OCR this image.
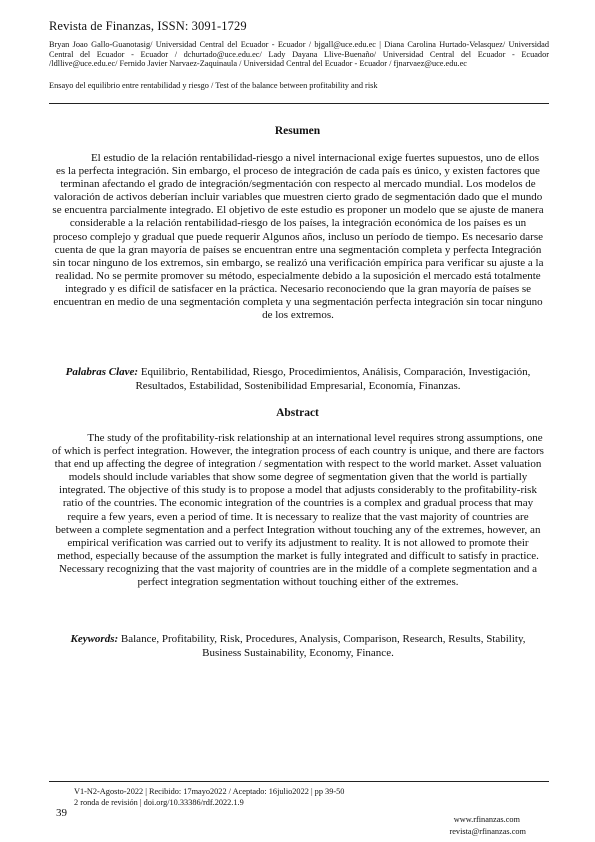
Revista de Finanzas, ISSN: 3091-1729
Bryan Joao Gallo-Guanotasig/ Universidad Central del Ecuador - Ecuador / bjgall@uce.edu.ec | Diana Carolina Hurtado-Velasquez/ Universidad Central del Ecuador - Ecuador / dchurtado@uce.edu.ec/ Lady Dayana Llive-Buenaño/ Universidad Central del Ecuador - Ecuador /ldllive@uce.edu.ec/ Fernido Javier Narvaez-Zaquinaula / Universidad Central del Ecuador - Ecuador / fjnarvaez@uce.edu.ec
Ensayo del equilibrio entre rentabilidad y riesgo / Test of the balance between profitability and risk
Resumen
El estudio de la relación rentabilidad-riesgo a nivel internacional exige fuertes supuestos, uno de ellos es la perfecta integración. Sin embargo, el proceso de integración de cada país es único, y existen factores que terminan afectando el grado de integración/segmentación con respecto al mercado mundial. Los modelos de valoración de activos deberían incluir variables que muestren cierto grado de segmentación dado que el mundo se encuentra parcialmente integrado. El objetivo de este estudio es proponer un modelo que se ajuste de manera considerable a la relación rentabilidad-riesgo de los países, la integración económica de los países es un proceso complejo y gradual que puede requerir Algunos años, incluso un período de tiempo. Es necesario darse cuenta de que la gran mayoría de países se encuentran entre una segmentación completa y perfecta Integración sin tocar ninguno de los extremos, sin embargo, se realizó una verificación empírica para verificar su ajuste a la realidad. No se permite promover su método, especialmente debido a la suposición el mercado está totalmente integrado y es difícil de satisfacer en la práctica. Necesario reconociendo que la gran mayoría de países se encuentran en medio de una segmentación completa y una segmentación perfecta integración sin tocar ninguno de los extremos.
Palabras Clave: Equilibrio, Rentabilidad, Riesgo, Procedimientos, Análisis, Comparación, Investigación, Resultados, Estabilidad, Sostenibilidad Empresarial, Economía, Finanzas.
Abstract
The study of the profitability-risk relationship at an international level requires strong assumptions, one of which is perfect integration. However, the integration process of each country is unique, and there are factors that end up affecting the degree of integration / segmentation with respect to the world market. Asset valuation models should include variables that show some degree of segmentation given that the world is partially integrated. The objective of this study is to propose a model that adjusts considerably to the profitability-risk ratio of the countries. The economic integration of the countries is a complex and gradual process that may require a few years, even a period of time. It is necessary to realize that the vast majority of countries are between a complete segmentation and a perfect Integration without touching any of the extremes, however, an empirical verification was carried out to verify its adjustment to reality. It is not allowed to promote their method, especially because of the assumption the market is fully integrated and difficult to satisfy in practice. Necessary recognizing that the vast majority of countries are in the middle of a complete segmentation and a perfect integration segmentation without touching either of the extremes.
Keywords: Balance, Profitability, Risk, Procedures, Analysis, Comparison, Research, Results, Stability, Business Sustainability, Economy, Finance.
V1-N2-Agosto-2022 | Recibido: 17mayo2022 / Aceptado: 16julio2022 | pp 39-50
2 ronda de revisión | doi.org/10.33386/rdf.2022.1.9
39
www.rfinanzas.com
revista@rfinanzas.com
